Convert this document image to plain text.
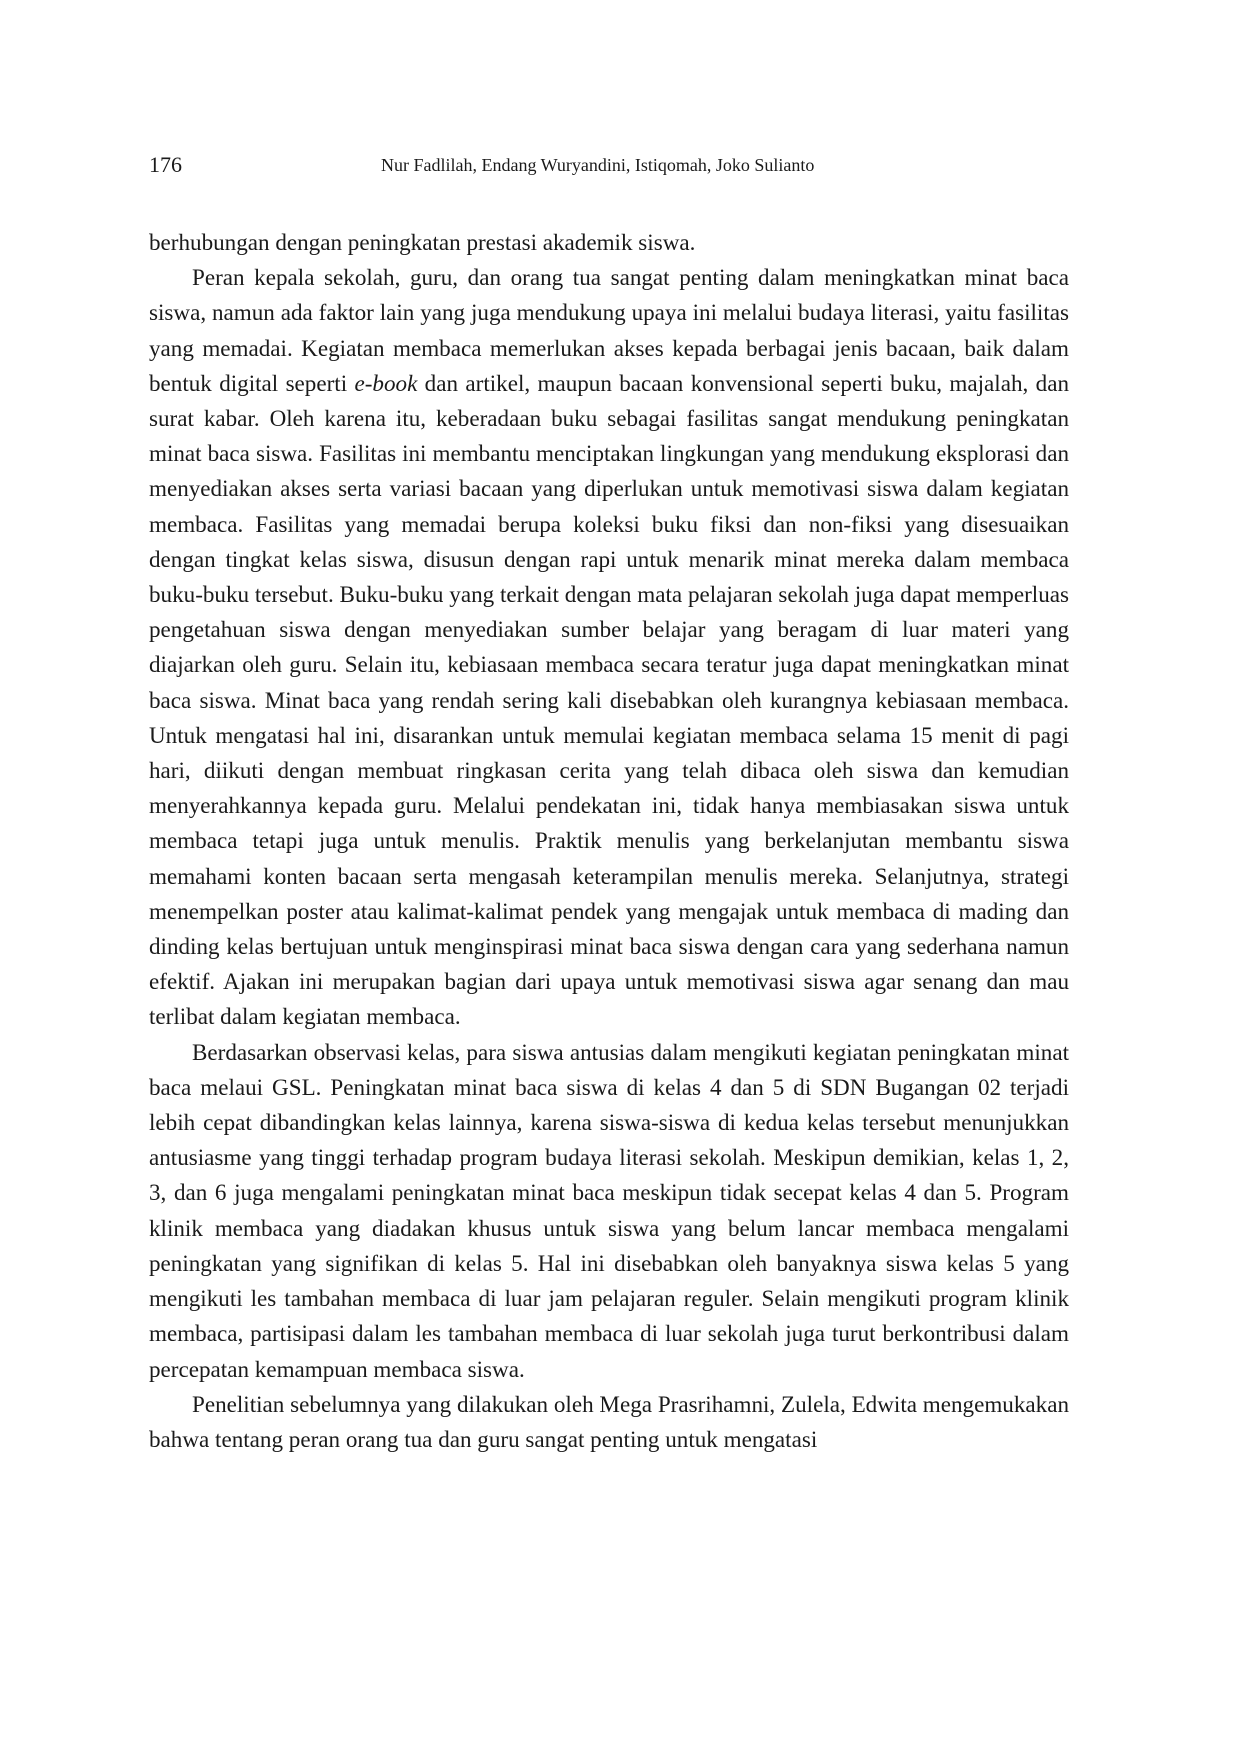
176	Nur Fadlilah, Endang Wuryandini, Istiqomah, Joko Sulianto

berhubungan dengan peningkatan prestasi akademik siswa.

Peran kepala sekolah, guru, dan orang tua sangat penting dalam meningkatkan minat baca siswa, namun ada faktor lain yang juga mendukung upaya ini melalui budaya literasi, yaitu fasilitas yang memadai. Kegiatan membaca memerlukan akses kepada berbagai jenis bacaan, baik dalam bentuk digital seperti e-book dan artikel, maupun bacaan konvensional seperti buku, majalah, dan surat kabar. Oleh karena itu, keberadaan buku sebagai fasilitas sangat mendukung peningkatan minat baca siswa. Fasilitas ini membantu menciptakan lingkungan yang mendukung eksplorasi dan menyediakan akses serta variasi bacaan yang diperlukan untuk memotivasi siswa dalam kegiatan membaca. Fasilitas yang memadai berupa koleksi buku fiksi dan non-fiksi yang disesuaikan dengan tingkat kelas siswa, disusun dengan rapi untuk menarik minat mereka dalam membaca buku-buku tersebut. Buku-buku yang terkait dengan mata pelajaran sekolah juga dapat memperluas pengetahuan siswa dengan menyediakan sumber belajar yang beragam di luar materi yang diajarkan oleh guru. Selain itu, kebiasaan membaca secara teratur juga dapat meningkatkan minat baca siswa. Minat baca yang rendah sering kali disebabkan oleh kurangnya kebiasaan membaca. Untuk mengatasi hal ini, disarankan untuk memulai kegiatan membaca selama 15 menit di pagi hari, diikuti dengan membuat ringkasan cerita yang telah dibaca oleh siswa dan kemudian menyerahkannya kepada guru. Melalui pendekatan ini, tidak hanya membiasakan siswa untuk membaca tetapi juga untuk menulis. Praktik menulis yang berkelanjutan membantu siswa memahami konten bacaan serta mengasah keterampilan menulis mereka. Selanjutnya, strategi menempelkan poster atau kalimat-kalimat pendek yang mengajak untuk membaca di mading dan dinding kelas bertujuan untuk menginspirasi minat baca siswa dengan cara yang sederhana namun efektif. Ajakan ini merupakan bagian dari upaya untuk memotivasi siswa agar senang dan mau terlibat dalam kegiatan membaca.

Berdasarkan observasi kelas, para siswa antusias dalam mengikuti kegiatan peningkatan minat baca melaui GSL. Peningkatan minat baca siswa di kelas 4 dan 5 di SDN Bugangan 02 terjadi lebih cepat dibandingkan kelas lainnya, karena siswa-siswa di kedua kelas tersebut menunjukkan antusiasme yang tinggi terhadap program budaya literasi sekolah. Meskipun demikian, kelas 1, 2, 3, dan 6 juga mengalami peningkatan minat baca meskipun tidak secepat kelas 4 dan 5. Program klinik membaca yang diadakan khusus untuk siswa yang belum lancar membaca mengalami peningkatan yang signifikan di kelas 5. Hal ini disebabkan oleh banyaknya siswa kelas 5 yang mengikuti les tambahan membaca di luar jam pelajaran reguler. Selain mengikuti program klinik membaca, partisipasi dalam les tambahan membaca di luar sekolah juga turut berkontribusi dalam percepatan kemampuan membaca siswa.

Penelitian sebelumnya yang dilakukan oleh Mega Prasrihamni, Zulela, Edwita mengemukakan bahwa tentang peran orang tua dan guru sangat penting untuk mengatasi
